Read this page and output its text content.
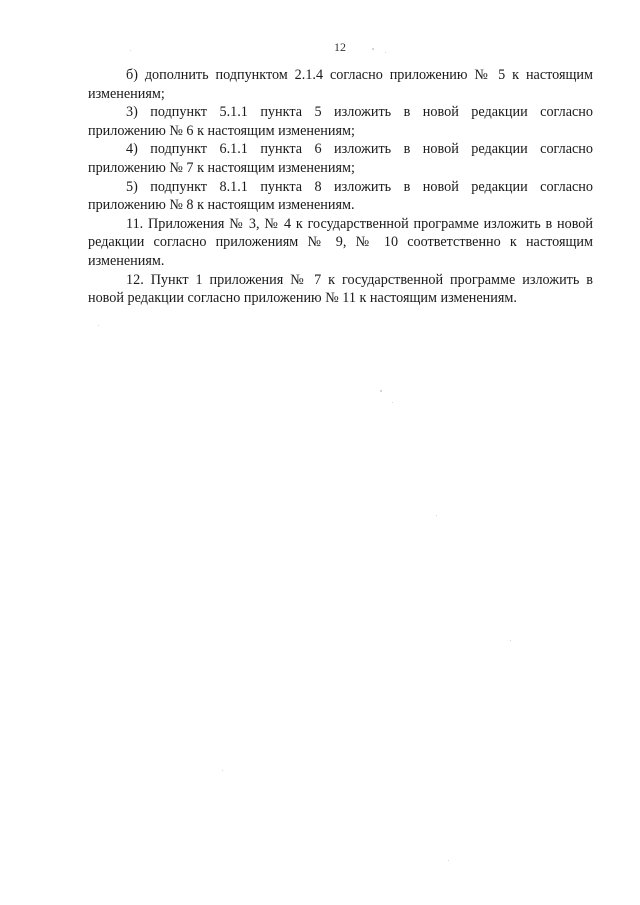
12

б) дополнить подпунктом 2.1.4 согласно приложению № 5 к настоящим изменениям;

3) подпункт 5.1.1 пункта 5 изложить в новой редакции согласно приложению № 6 к настоящим изменениям;

4) подпункт 6.1.1 пункта 6 изложить в новой редакции согласно приложению № 7 к настоящим изменениям;

5) подпункт 8.1.1 пункта 8 изложить в новой редакции согласно приложению № 8 к настоящим изменениям.

11. Приложения № 3, № 4 к государственной программе изложить в новой редакции согласно приложениям № 9, № 10 соответственно к настоящим изменениям.

12. Пункт 1 приложения № 7 к государственной программе изложить в новой редакции согласно приложению № 11 к настоящим изменениям.
